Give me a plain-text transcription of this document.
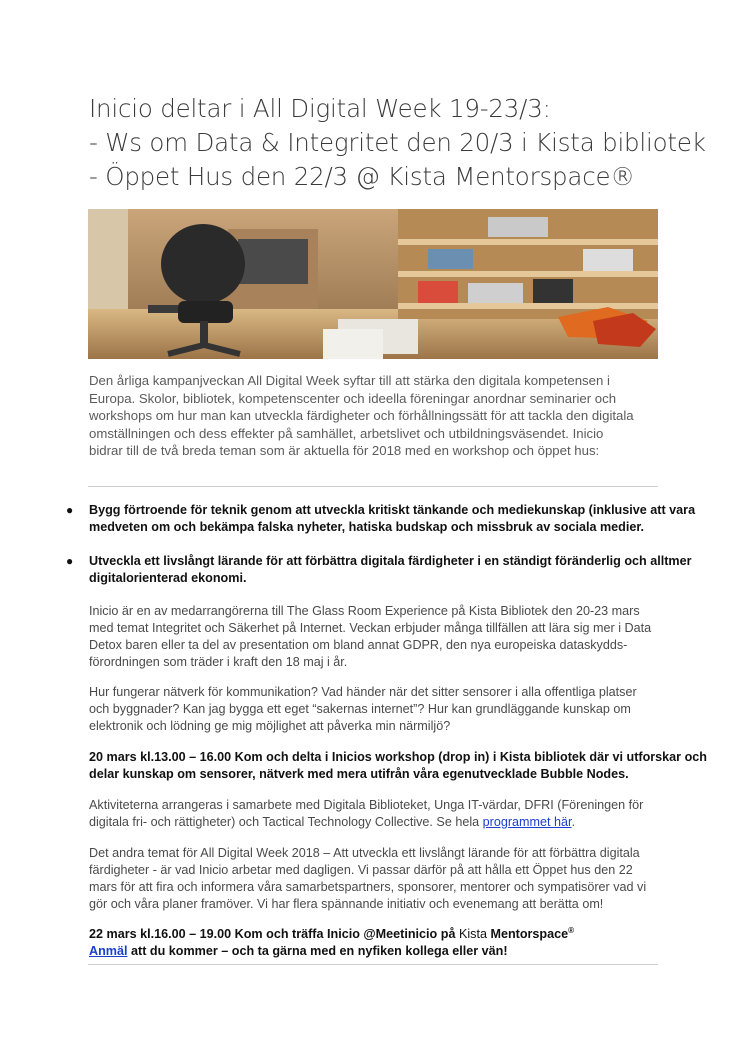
Inicio deltar i All Digital Week 19-23/3:
- Ws om Data & Integritet den 20/3 i Kista bibliotek
- Öppet Hus den 22/3 @ Kista Mentorspace®
Den årliga kampanjveckan All Digital Week syftar till att stärka den digitala kompetensen i
Europa. Skolor, bibliotek, kompetenscenter och ideella föreningar anordnar seminarier och
workshops om hur man kan utveckla färdigheter och förhållningssätt för att tackla den digitala
omställningen och dess effekter på samhället, arbetslivet och utbildningsväsendet. Inicio
bidrar till de två breda teman som är aktuella för 2018 med en workshop och öppet hus:
● Bygg förtroende för teknik genom att utveckla kritiskt tänkande och mediekunskap (inklusive att vara
medveten om och bekämpa falska nyheter, hatiska budskap och missbruk av sociala medier.
● Utveckla ett livslångt lärande för att förbättra digitala färdigheter i en ständigt föränderlig och alltmer
digitalorienterad ekonomi.
Inicio är en av medarrangörerna till The Glass Room Experience på Kista Bibliotek den 20-23 mars
med temat Integritet och Säkerhet på Internet. Veckan erbjuder många tillfällen att lära sig mer i Data
Detox baren eller ta del av presentation om bland annat GDPR, den nya europeiska dataskydds-
förordningen som träder i kraft den 18 maj i år.
Hur fungerar nätverk för kommunikation? Vad händer när det sitter sensorer i alla offentliga platser
och byggnader? Kan jag bygga ett eget “sakernas internet”? Hur kan grundläggande kunskap om
elektronik och lödning ge mig möjlighet att påverka min närmiljö?
20 mars kl.13.00 – 16.00 Kom och delta i Inicios workshop (drop in) i Kista bibliotek där vi utforskar och
delar kunskap om sensorer, nätverk med mera utifrån våra egenutvecklade Bubble Nodes.
Aktiviteterna arrangeras i samarbete med Digitala Biblioteket, Unga IT-värdar, DFRI (Föreningen för
digitala fri- och rättigheter) och Tactical Technology Collective. Se hela programmet här.
Det andra temat för All Digital Week 2018 – Att utveckla ett livslångt lärande för att förbättra digitala
färdigheter - är vad Inicio arbetar med dagligen. Vi passar därför på att hålla ett Öppet hus den 22
mars för att fira och informera våra samarbetspartners, sponsorer, mentorer och sympatisörer vad vi
gör och våra planer framöver. Vi har flera spännande initiativ och evenemang att berätta om!
22 mars kl.16.00 – 19.00 Kom och träffa Inicio @Meetinicio på Kista Mentorspace®
Anmäl att du kommer – och ta gärna med en nyfiken kollega eller vän!
